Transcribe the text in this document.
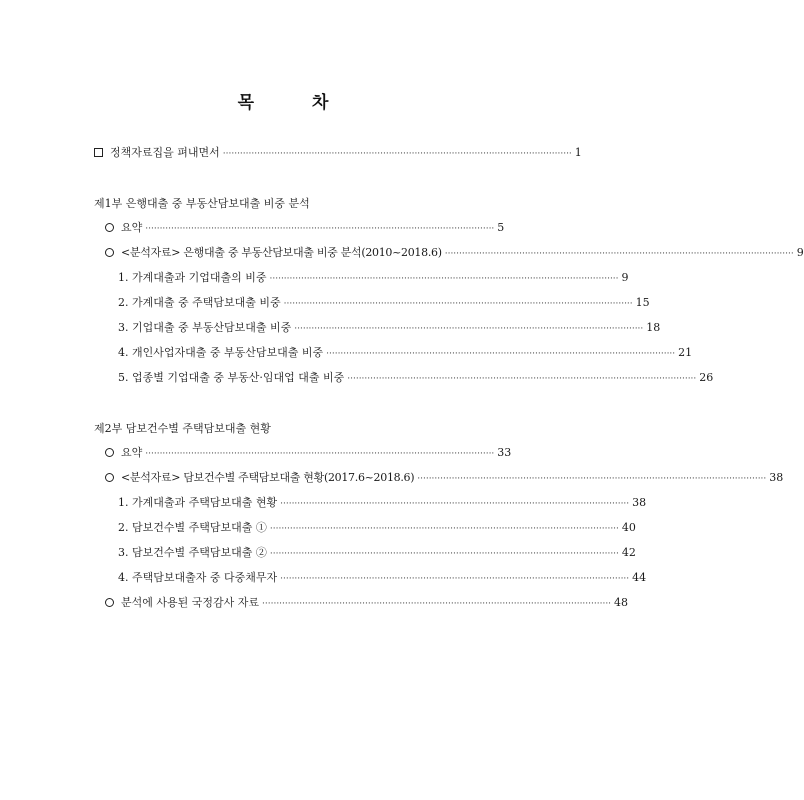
목 차
정책자료집을 펴내면서 ·························································································································· 1
제1부 은행대출 중 부동산담보대출 비중 분석
요약 ·························································································································· 5
<분석자료> 은행대출 중 부동산담보대출 비중 분석(2010~2018.6) ·························································································································· 9
1. 가계대출과 기업대출의 비중 ·························································································································· 9
2. 가계대출 중 주택담보대출 비중 ·························································································································· 15
3. 기업대출 중 부동산담보대출 비중 ·························································································································· 18
4. 개인사업자대출 중 부동산담보대출 비중 ·························································································································· 21
5. 업종별 기업대출 중 부동산·임대업 대출 비중 ·························································································································· 26
제2부 담보건수별 주택담보대출 현황
요약 ·························································································································· 33
<분석자료> 담보건수별 주택담보대출 현황(2017.6~2018.6) ·························································································································· 38
1. 가계대출과 주택담보대출 현황 ·························································································································· 38
2. 담보건수별 주택담보대출 ① ·························································································································· 40
3. 담보건수별 주택담보대출 ② ·························································································································· 42
4. 주택담보대출자 중 다중채무자 ·························································································································· 44
분석에 사용된 국정감사 자료 ·························································································································· 48
